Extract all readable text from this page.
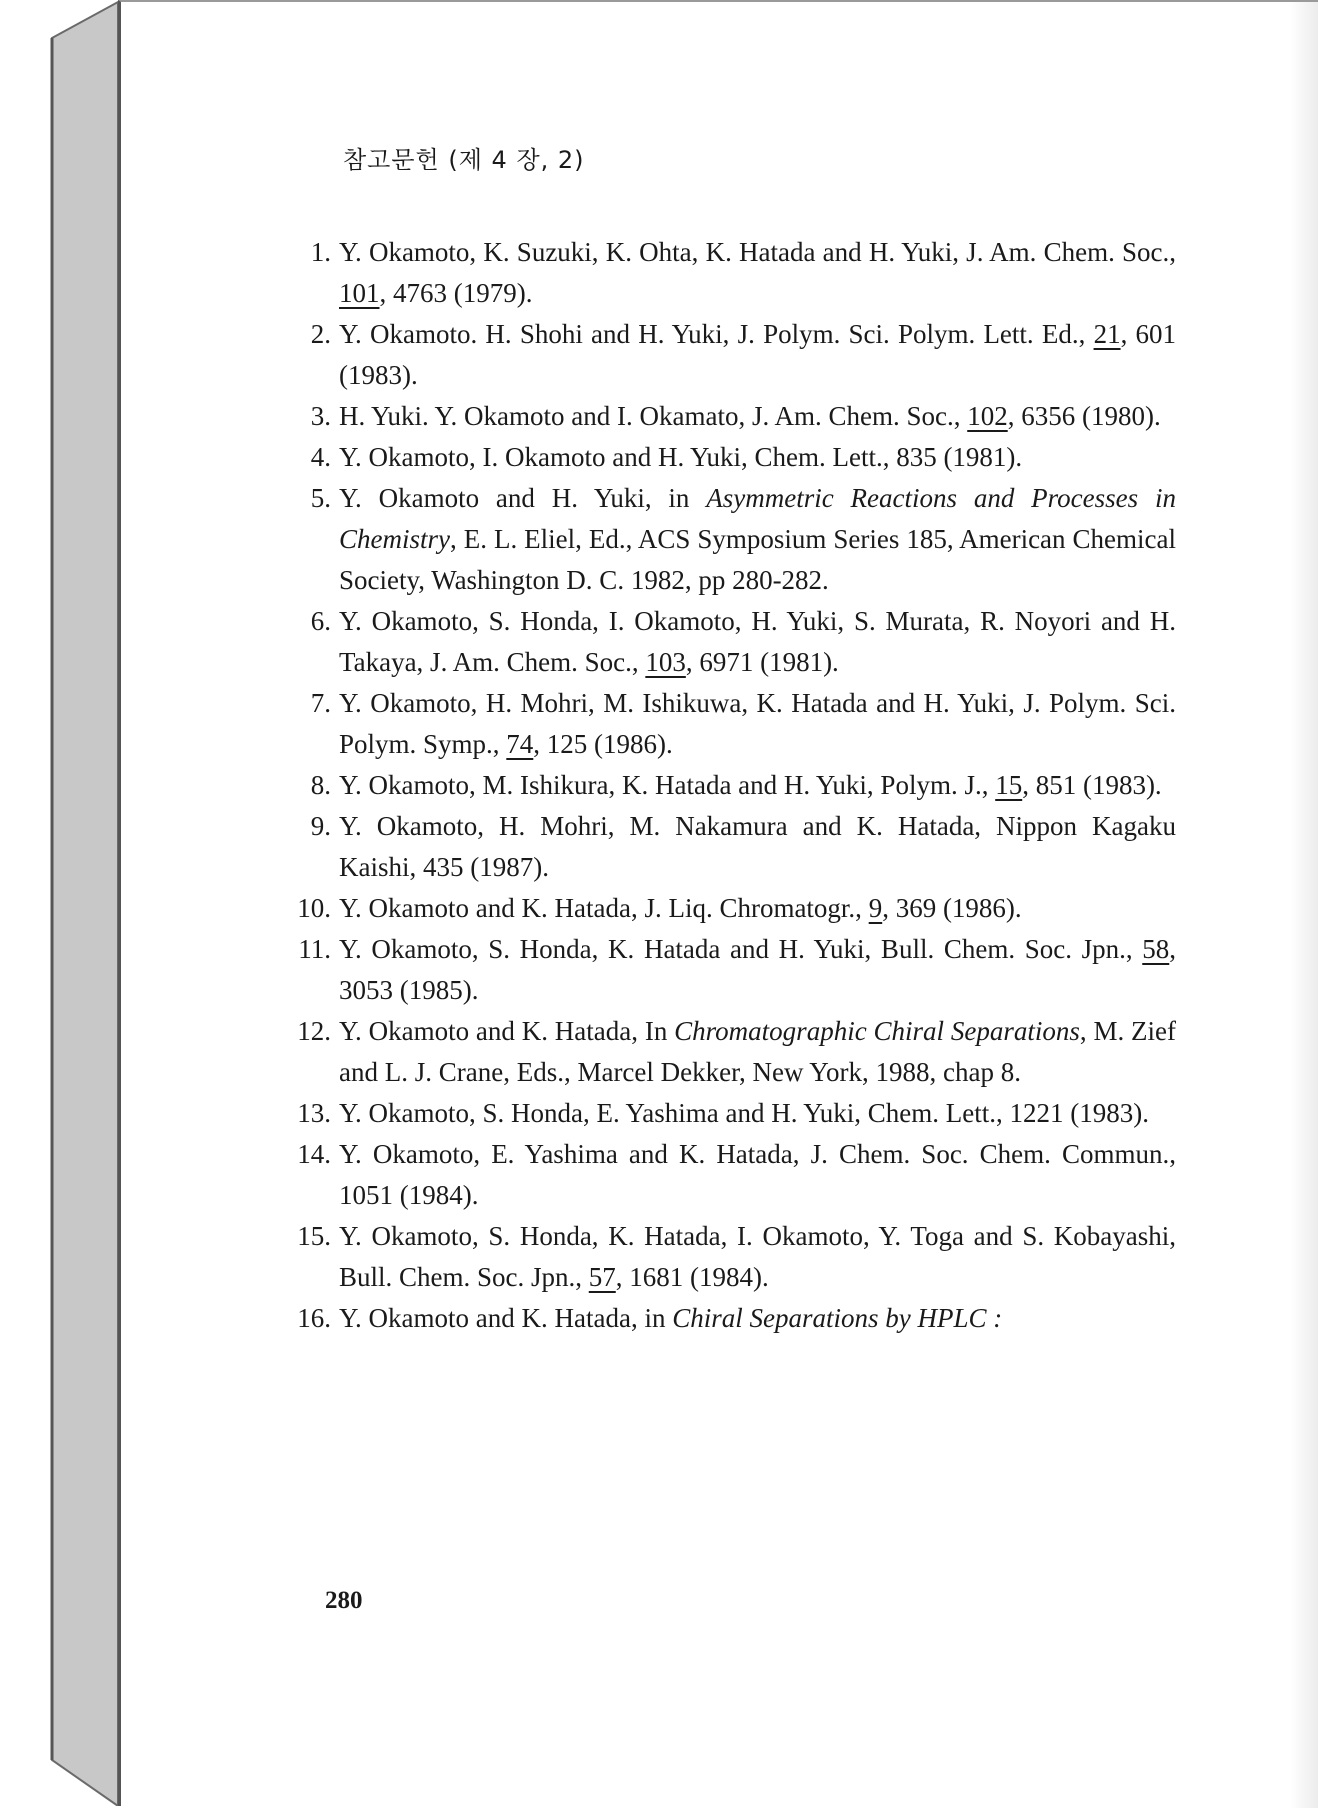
참고문헌 (제 4 장, 2)
1. Y. Okamoto, K. Suzuki, K. Ohta, K. Hatada and H. Yuki, J. Am. Chem. Soc., 101, 4763 (1979).
2. Y. Okamoto. H. Shohi and H. Yuki, J. Polym. Sci. Polym. Lett. Ed., 21, 601 (1983).
3. H. Yuki. Y. Okamoto and I. Okamato, J. Am. Chem. Soc., 102, 6356 (1980).
4. Y. Okamoto, I. Okamoto and H. Yuki, Chem. Lett., 835 (1981).
5. Y. Okamoto and H. Yuki, in Asymmetric Reactions and Processes in Chemistry, E. L. Eliel, Ed., ACS Symposium Series 185, American Chemical Society, Washington D. C. 1982, pp 280-282.
6. Y. Okamoto, S. Honda, I. Okamoto, H. Yuki, S. Murata, R. Noyori and H. Takaya, J. Am. Chem. Soc., 103, 6971 (1981).
7. Y. Okamoto, H. Mohri, M. Ishikuwa, K. Hatada and H. Yuki, J. Polym. Sci. Polym. Symp., 74, 125 (1986).
8. Y. Okamoto, M. Ishikura, K. Hatada and H. Yuki, Polym. J., 15, 851 (1983).
9. Y. Okamoto, H. Mohri, M. Nakamura and K. Hatada, Nippon Kagaku Kaishi, 435 (1987).
10. Y. Okamoto and K. Hatada, J. Liq. Chromatogr., 9, 369 (1986).
11. Y. Okamoto, S. Honda, K. Hatada and H. Yuki, Bull. Chem. Soc. Jpn., 58, 3053 (1985).
12. Y. Okamoto and K. Hatada, In Chromatographic Chiral Separations, M. Zief and L. J. Crane, Eds., Marcel Dekker, New York, 1988, chap 8.
13. Y. Okamoto, S. Honda, E. Yashima and H. Yuki, Chem. Lett., 1221 (1983).
14. Y. Okamoto, E. Yashima and K. Hatada, J. Chem. Soc. Chem. Commun., 1051 (1984).
15. Y. Okamoto, S. Honda, K. Hatada, I. Okamoto, Y. Toga and S. Kobayashi, Bull. Chem. Soc. Jpn., 57, 1681 (1984).
16. Y. Okamoto and K. Hatada, in Chiral Separations by HPLC :
280
